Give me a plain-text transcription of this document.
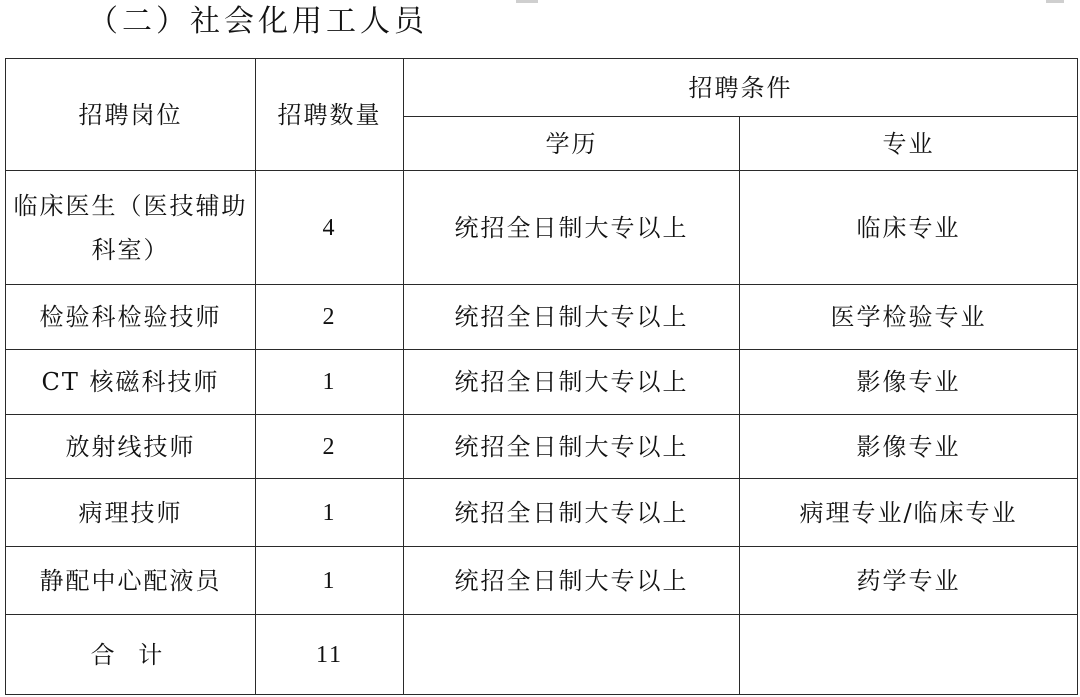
（二）社会化用工人员
招聘岗位	招聘数量	招聘条件	
		学历	专业
临床医生（医技辅助科室）	4	统招全日制大专以上	临床专业
检验科检验技师	2	统招全日制大专以上	医学检验专业
CT 核磁科技师	1	统招全日制大专以上	影像专业
放射线技师	2	统招全日制大专以上	影像专业
病理技师	1	统招全日制大专以上	病理专业/临床专业
静配中心配液员	1	统招全日制大专以上	药学专业
合 计	11		
